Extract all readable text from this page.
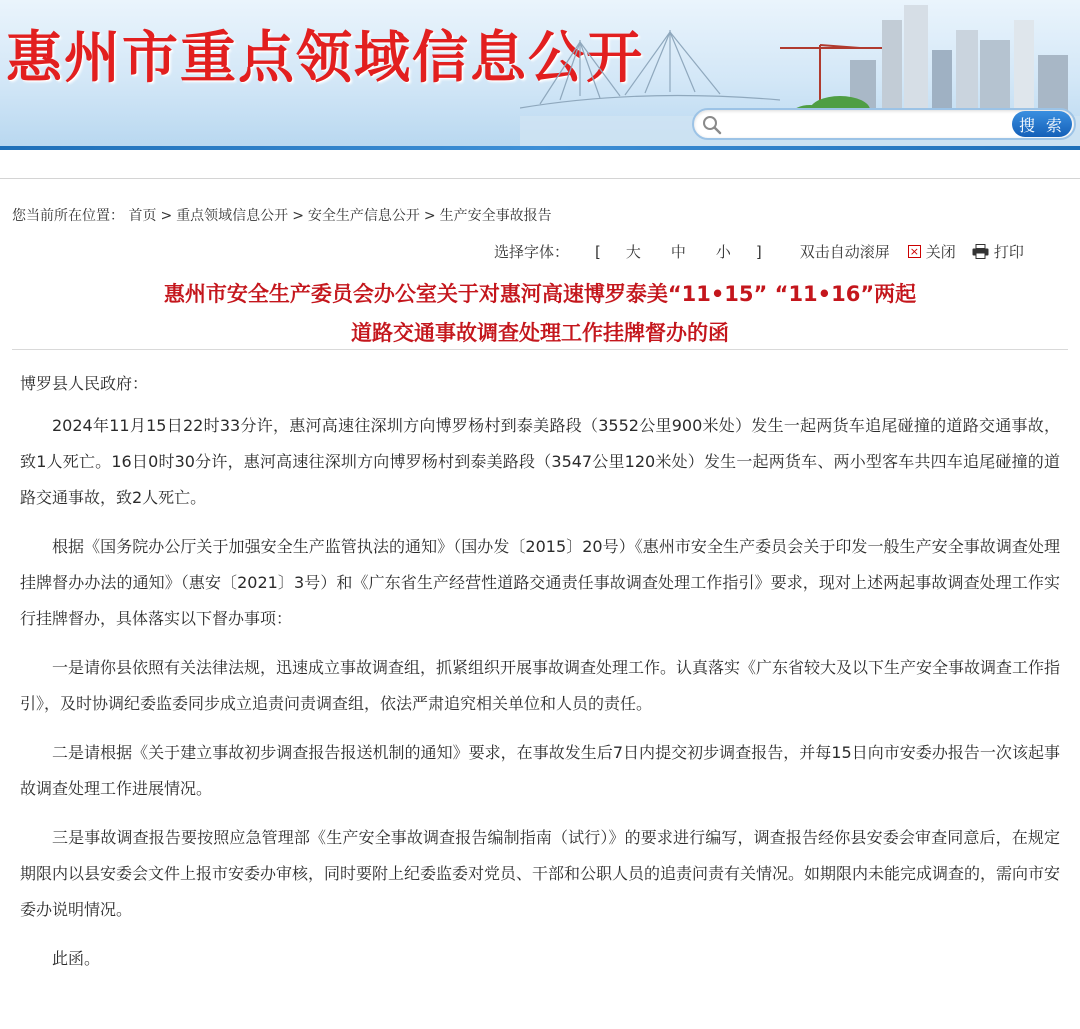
惠州市重点领域信息公开
搜 索
您当前所在位置： 首页 > 重点领域信息公开 > 安全生产信息公开 > 生产安全事故报告
选择字体： [ 大 中 小 ]	双击自动滚屏 × 关闭	打印
惠州市安全生产委员会办公室关于对惠河高速博罗泰美“11•15” “11•16”两起
道路交通事故调查处理工作挂牌督办的函

博罗县人民政府：

2024年11月15日22时33分许，惠河高速往深圳方向博罗杨村到泰美路段（3552公里900米处）发生一起两货车追尾碰撞的道路交通事故，致1人死亡。16日0时30分许，惠河高速往深圳方向博罗杨村到泰美路段（3547公里120米处）发生一起两货车、两小型客车共四车追尾碰撞的道路交通事故，致2人死亡。

根据《国务院办公厅关于加强安全生产监管执法的通知》（国办发〔2015〕20号）《惠州市安全生产委员会关于印发一般生产安全事故调查处理挂牌督办办法的通知》（惠安〔2021〕3号）和《广东省生产经营性道路交通责任事故调查处理工作指引》要求，现对上述两起事故调查处理工作实行挂牌督办，具体落实以下督办事项：

一是请你县依照有关法律法规，迅速成立事故调查组，抓紧组织开展事故调查处理工作。认真落实《广东省较大及以下生产安全事故调查工作指引》，及时协调纪委监委同步成立追责问责调查组，依法严肃追究相关单位和人员的责任。

二是请根据《关于建立事故初步调查报告报送机制的通知》要求，在事故发生后7日内提交初步调查报告，并每15日向市安委办报告一次该起事故调查处理工作进展情况。

三是事故调查报告要按照应急管理部《生产安全事故调查报告编制指南（试行）》的要求进行编写，调查报告经你县安委会审查同意后，在规定期限内以县安委会文件上报市安委办审核，同时要附上纪委监委对党员、干部和公职人员的追责问责有关情况。如期限内未能完成调查的，需向市安委办说明情况。

此函。
